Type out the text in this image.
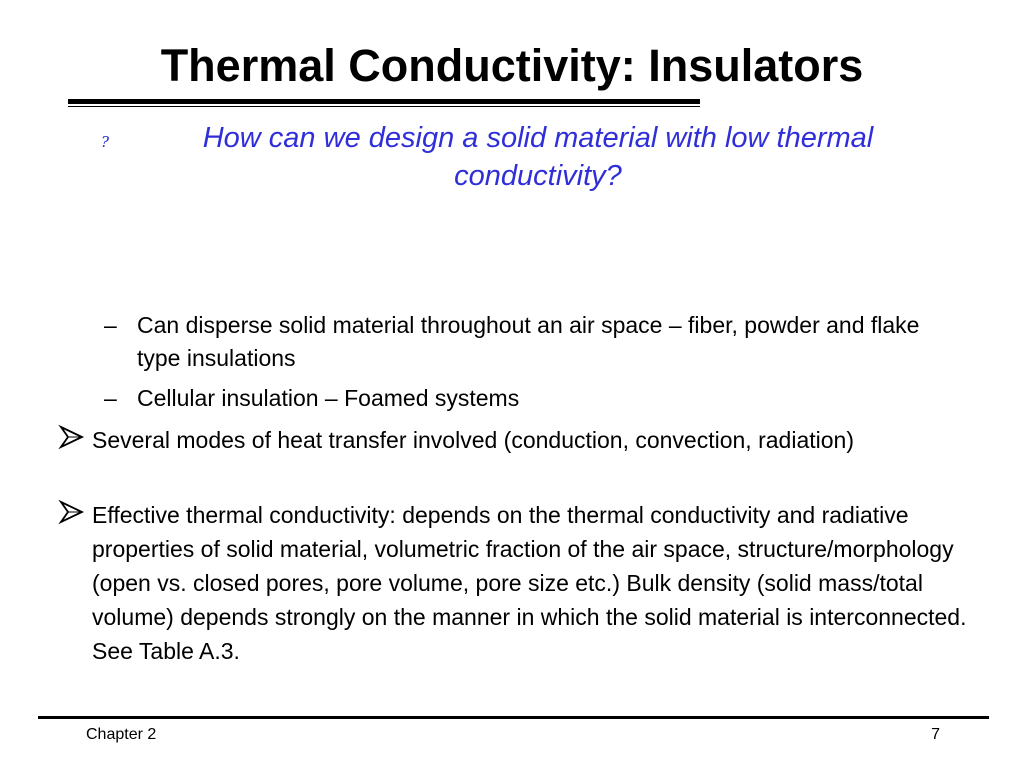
Thermal Conductivity: Insulators
?	How can we design a solid material with low thermal conductivity?
– Can disperse solid material throughout an air space – fiber, powder and flake type insulations
– Cellular insulation – Foamed systems
Several modes of heat transfer involved (conduction, convection, radiation)
Effective thermal conductivity: depends on the thermal conductivity and radiative properties of solid material, volumetric fraction of the air space, structure/morphology (open vs. closed pores, pore volume, pore size etc.) Bulk density (solid mass/total volume) depends strongly on the manner in which the solid material is interconnected. See Table A.3.
Chapter 2	7
